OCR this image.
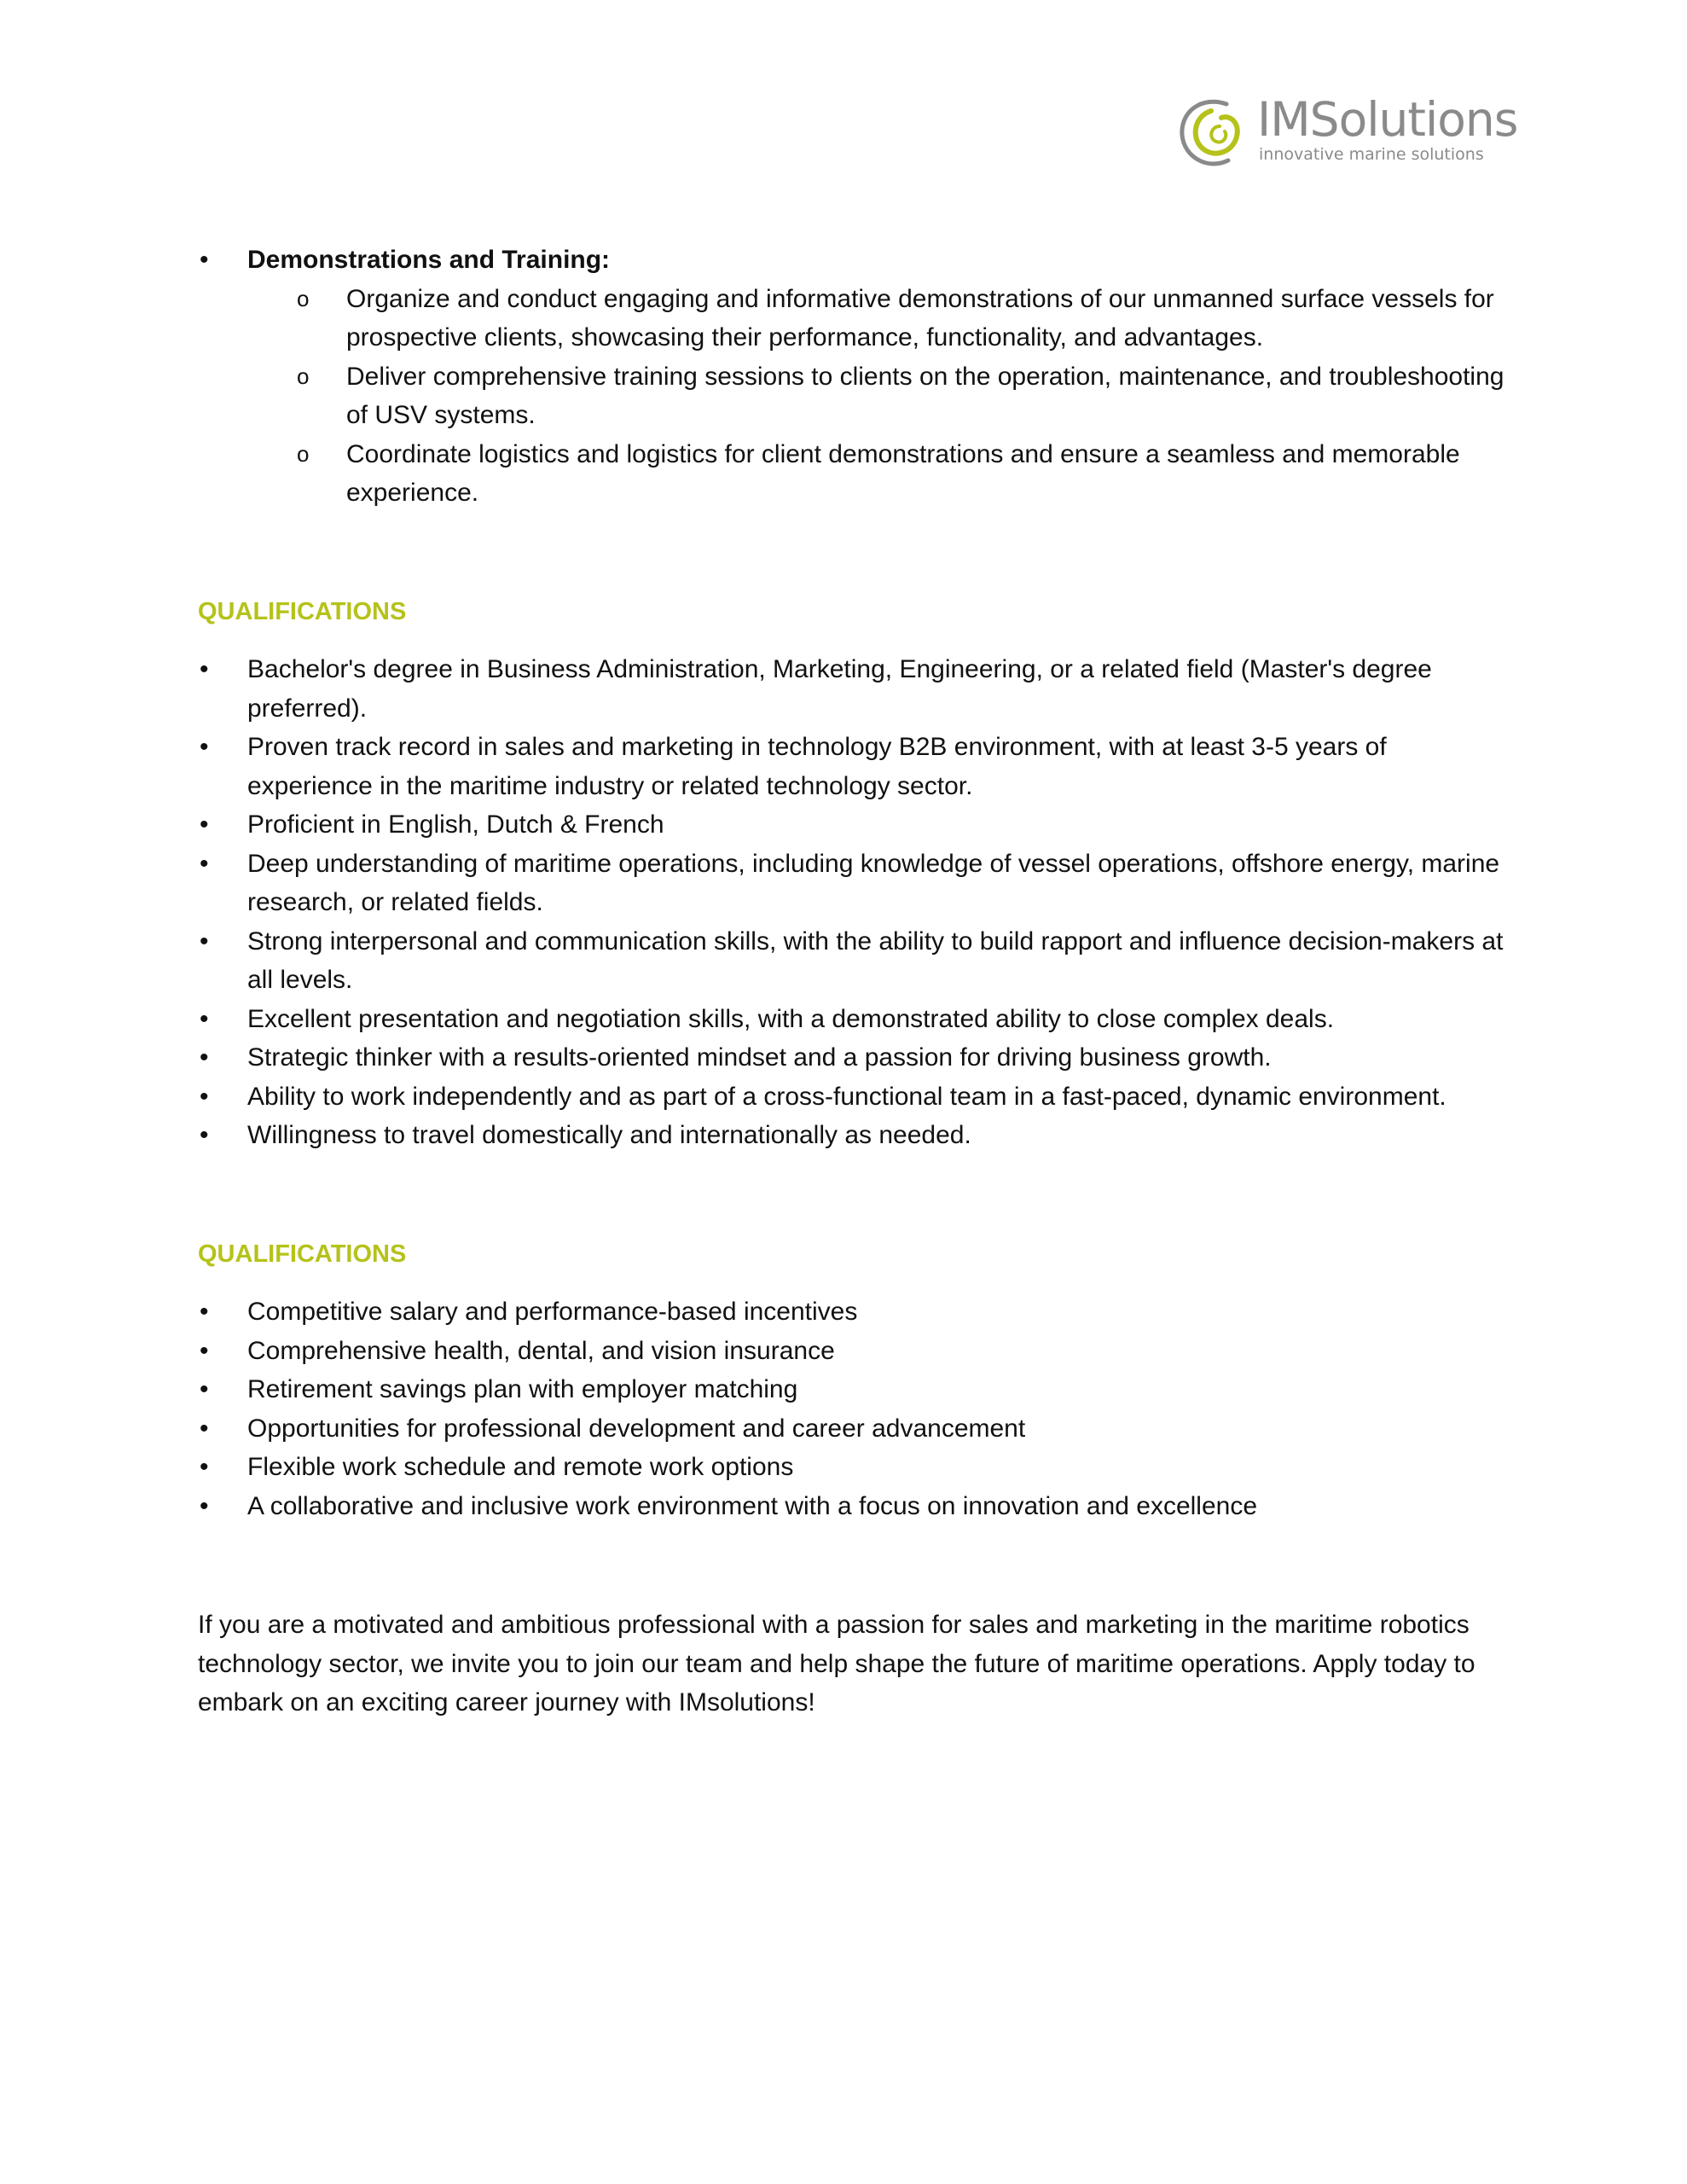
IMSolutions
innovative marine solutions
• Demonstrations and Training:
o Organize and conduct engaging and informative demonstrations of our unmanned surface vessels for prospective clients, showcasing their performance, functionality, and advantages.
o Deliver comprehensive training sessions to clients on the operation, maintenance, and troubleshooting of USV systems.
o Coordinate logistics and logistics for client demonstrations and ensure a seamless and memorable experience.
QUALIFICATIONS
• Bachelor's degree in Business Administration, Marketing, Engineering, or a related field (Master's degree preferred).
• Proven track record in sales and marketing in technology B2B environment, with at least 3-5 years of experience in the maritime industry or related technology sector.
• Proficient in English, Dutch & French
• Deep understanding of maritime operations, including knowledge of vessel operations, offshore energy, marine research, or related fields.
• Strong interpersonal and communication skills, with the ability to build rapport and influence decision-makers at all levels.
• Excellent presentation and negotiation skills, with a demonstrated ability to close complex deals.
• Strategic thinker with a results-oriented mindset and a passion for driving business growth.
• Ability to work independently and as part of a cross-functional team in a fast-paced, dynamic environment.
• Willingness to travel domestically and internationally as needed.
QUALIFICATIONS
• Competitive salary and performance-based incentives
• Comprehensive health, dental, and vision insurance
• Retirement savings plan with employer matching
• Opportunities for professional development and career advancement
• Flexible work schedule and remote work options
• A collaborative and inclusive work environment with a focus on innovation and excellence

If you are a motivated and ambitious professional with a passion for sales and marketing in the maritime robotics technology sector, we invite you to join our team and help shape the future of maritime operations. Apply today to embark on an exciting career journey with IMsolutions!
